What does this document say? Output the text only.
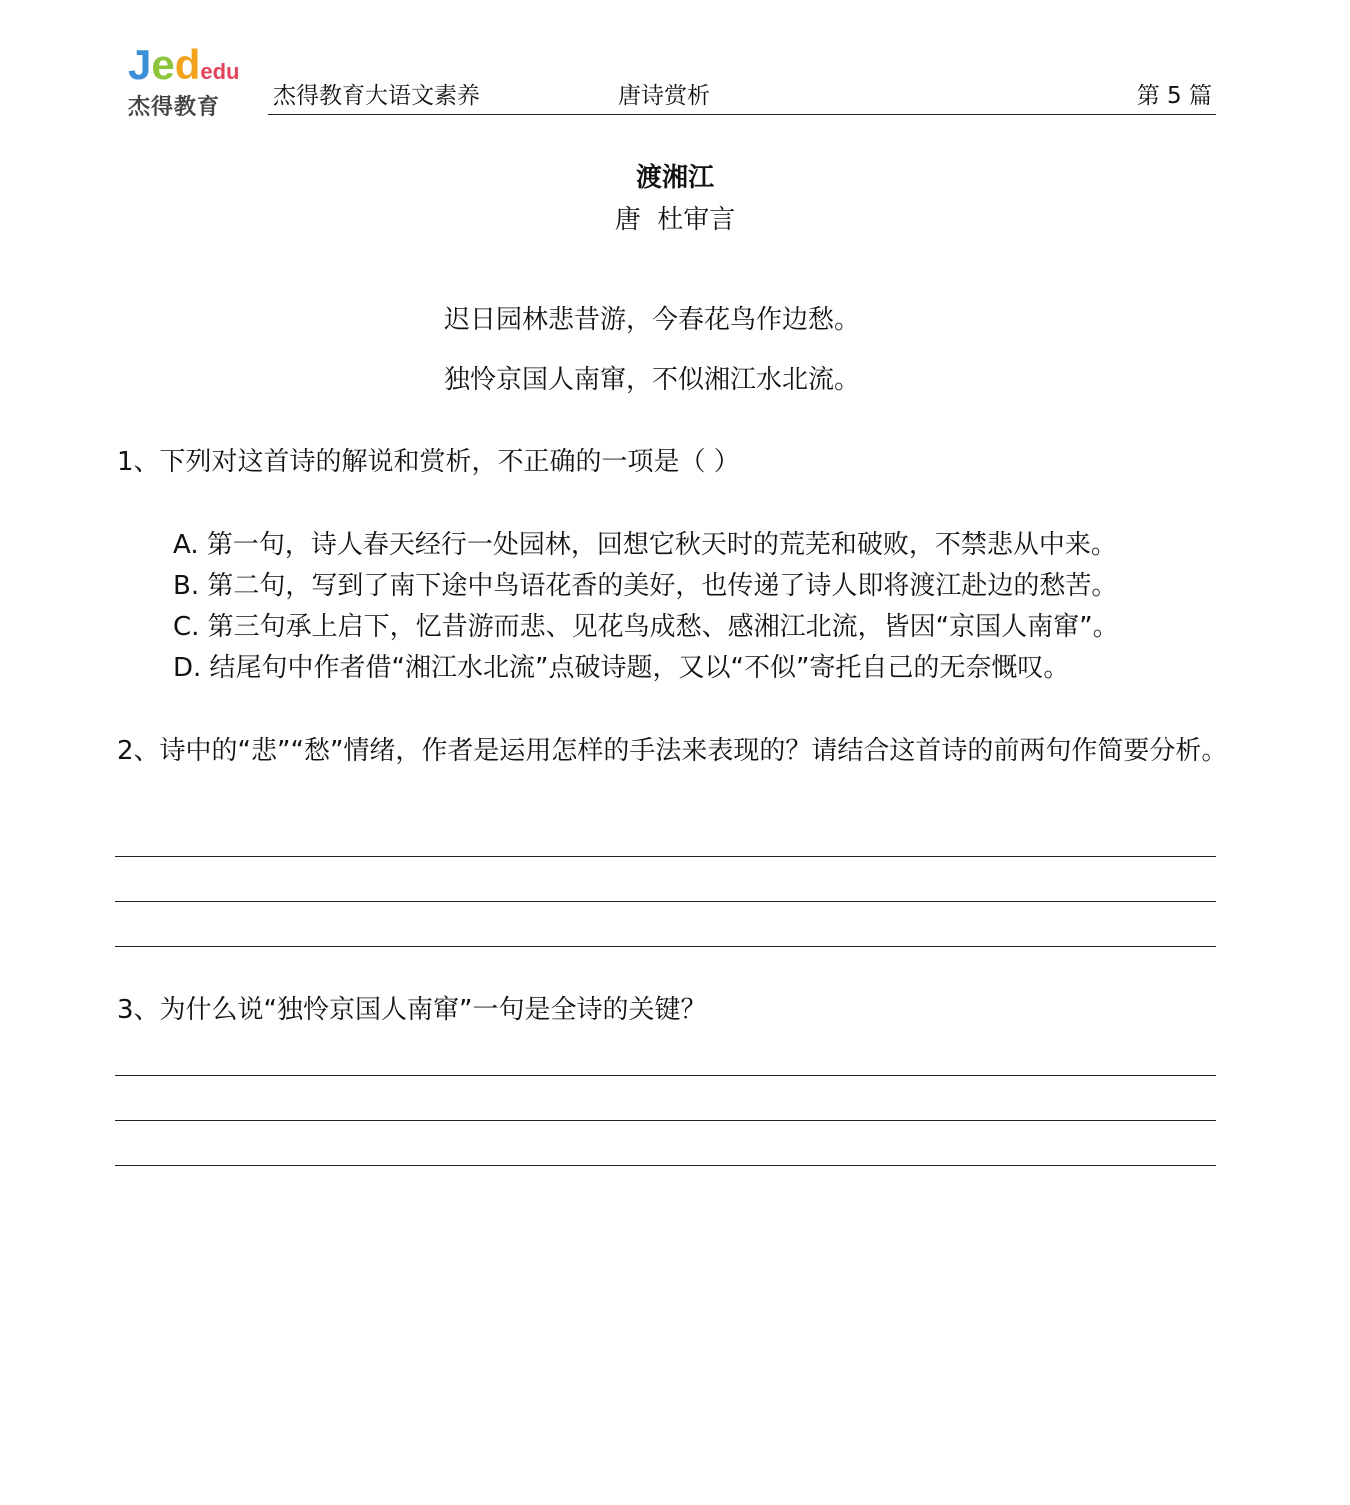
Jededu
杰得教育 杰得教育大语文素养	唐诗赏析	第 5 篇
渡湘江
唐  杜审言
迟日园林悲昔游，今春花鸟作边愁。
独怜京国人南窜，不似湘江水北流。
1、下列对这首诗的解说和赏析，不正确的一项是（ ）
A. 第一句，诗人春天经行一处园林，回想它秋天时的荒芜和破败，不禁悲从中来。
B. 第二句，写到了南下途中鸟语花香的美好，也传递了诗人即将渡江赴边的愁苦。
C. 第三句承上启下，忆昔游而悲、见花鸟成愁、感湘江北流，皆因“京国人南窜”。
D. 结尾句中作者借“湘江水北流”点破诗题，又以“不似”寄托自己的无奈慨叹。
2、诗中的“悲”“愁”情绪，作者是运用怎样的手法来表现的？请结合这首诗的前两句作简要分析。
3、为什么说“独怜京国人南窜”一句是全诗的关键？
